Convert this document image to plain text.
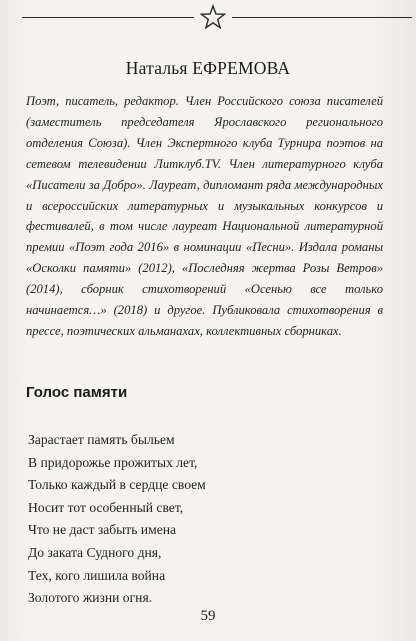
Наталья ЕФРЕМОВА

Поэт, писатель, редактор. Член Российского союза писателей (заместитель председателя Ярославского регионального отделения Союза). Член Экспертного клуба Турнира поэтов на сетевом телевидении Литклуб.TV. Член литературного клуба «Писатели за Добро». Лауреат, дипломант ряда международных и всероссийских литературных и музыкальных конкурсов и фестивалей, в том числе лауреат Национальной литературной премии «Поэт года 2016» в номинации «Песни». Издала романы «Осколки памяти» (2012), «Последняя жертва Розы Ветров» (2014), сборник стихотворений «Осенью все только начинается…» (2018) и другое. Публиковала стихотворения в прессе, поэтических альманахах, коллективных сборниках.

Голос памяти
Зарастает память быльем
В придорожье прожитых лет,
Только каждый в сердце своем
Носит тот особенный свет,
Что не даст забыть имена
До заката Судного дня,
Тех, кого лишила война
Золотого жизни огня.
59
